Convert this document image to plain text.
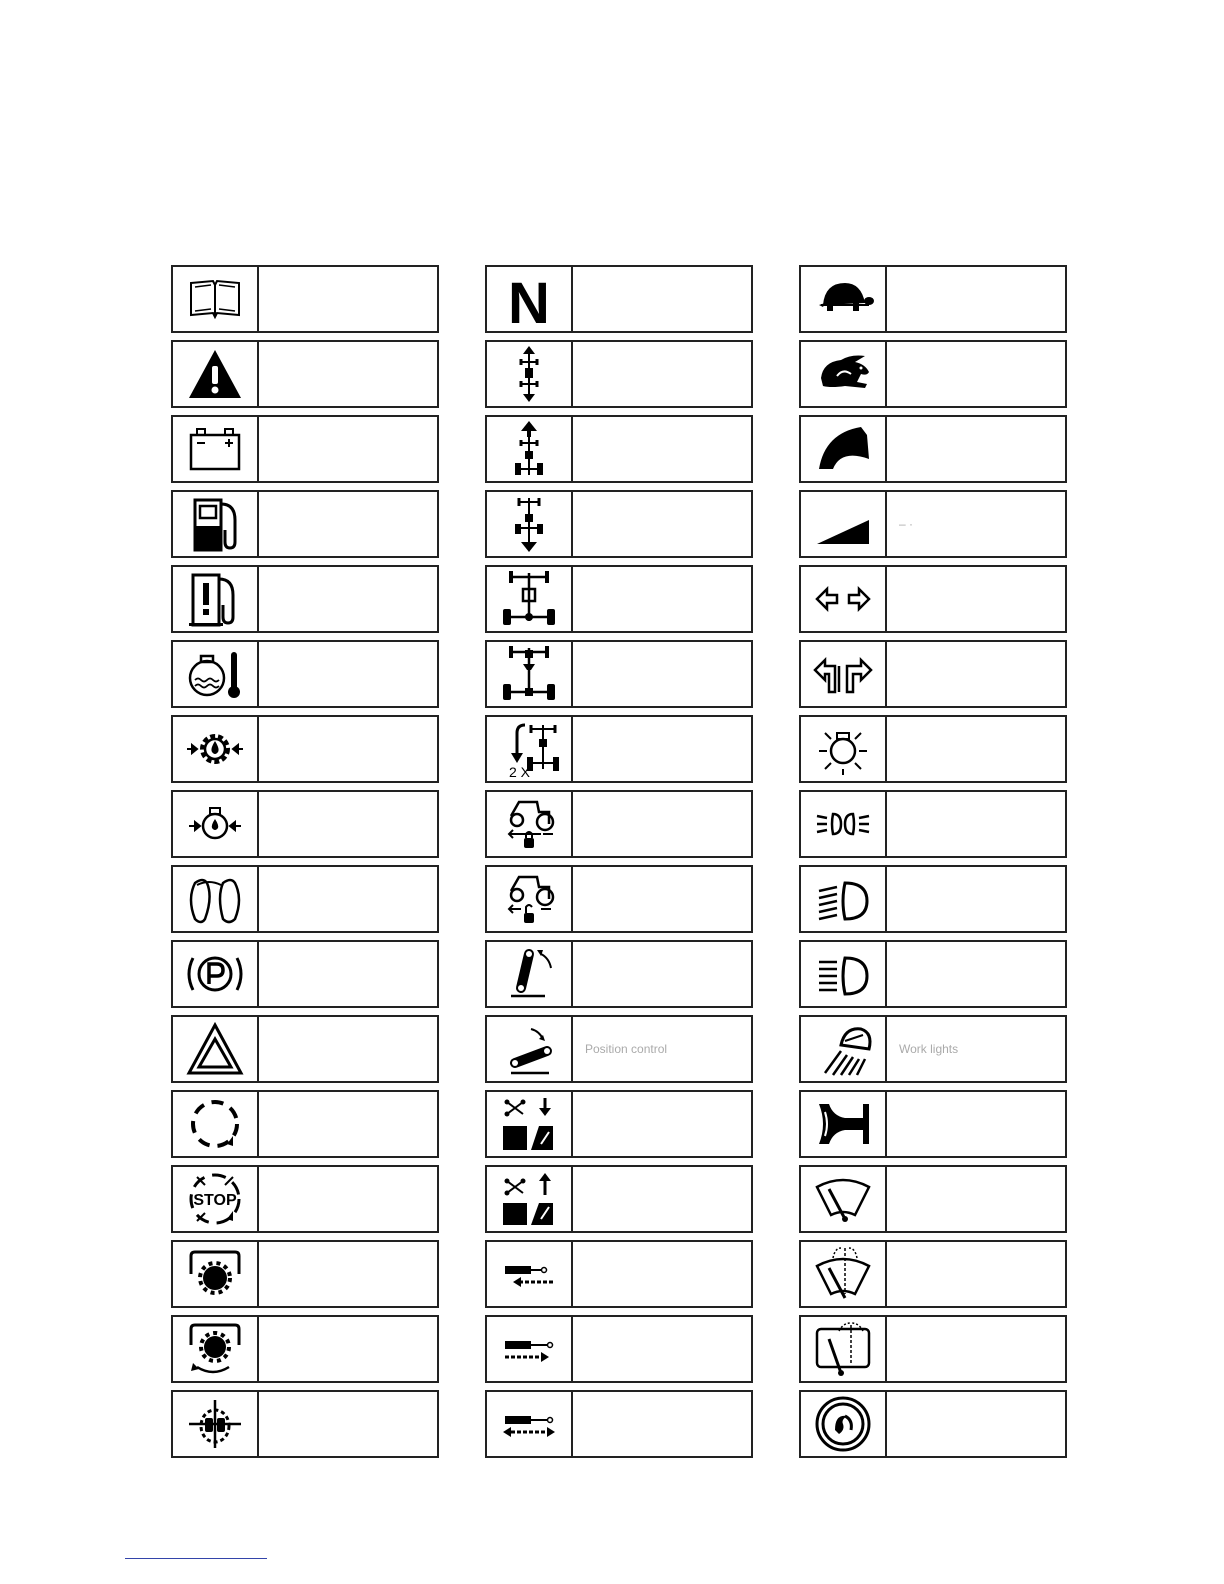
Position control
– ·
Work lights
